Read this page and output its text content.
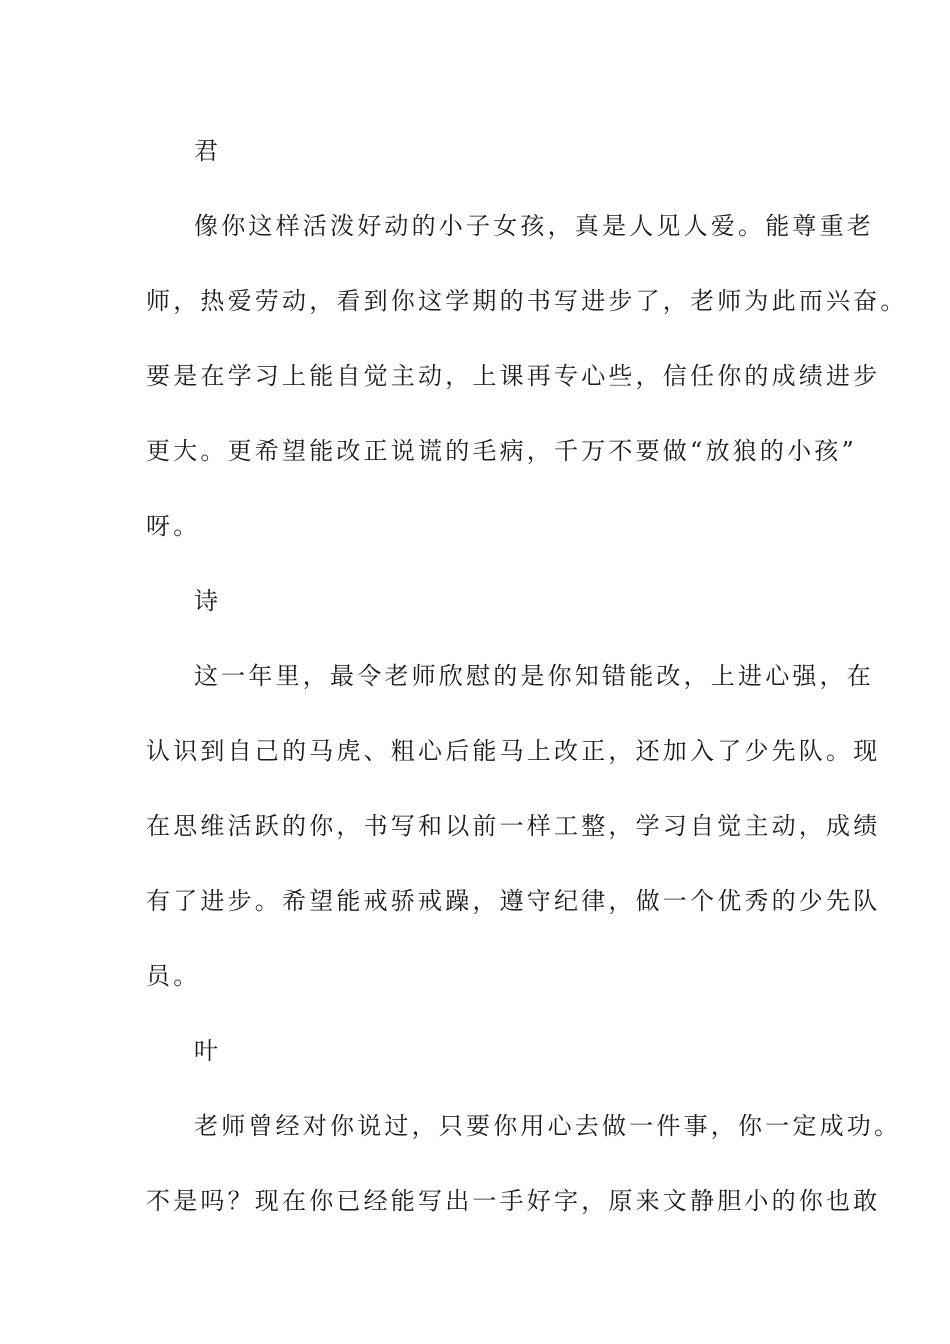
君
像你这样活泼好动的小子女孩，真是人见人爱。能尊重老
师，热爱劳动，看到你这学期的书写进步了，老师为此而兴奋。
要是在学习上能自觉主动，上课再专心些，信任你的成绩进步
更大。更希望能改正说谎的毛病，千万不要做“放狼的小孩”
呀。
诗
这一年里，最令老师欣慰的是你知错能改，上进心强，在
认识到自己的马虎、粗心后能马上改正，还加入了少先队。现
在思维活跃的你，书写和以前一样工整，学习自觉主动，成绩
有了进步。希望能戒骄戒躁，遵守纪律，做一个优秀的少先队
员。
叶
老师曾经对你说过，只要你用心去做一件事，你一定成功。
不是吗？现在你已经能写出一手好字，原来文静胆小的你也敢
